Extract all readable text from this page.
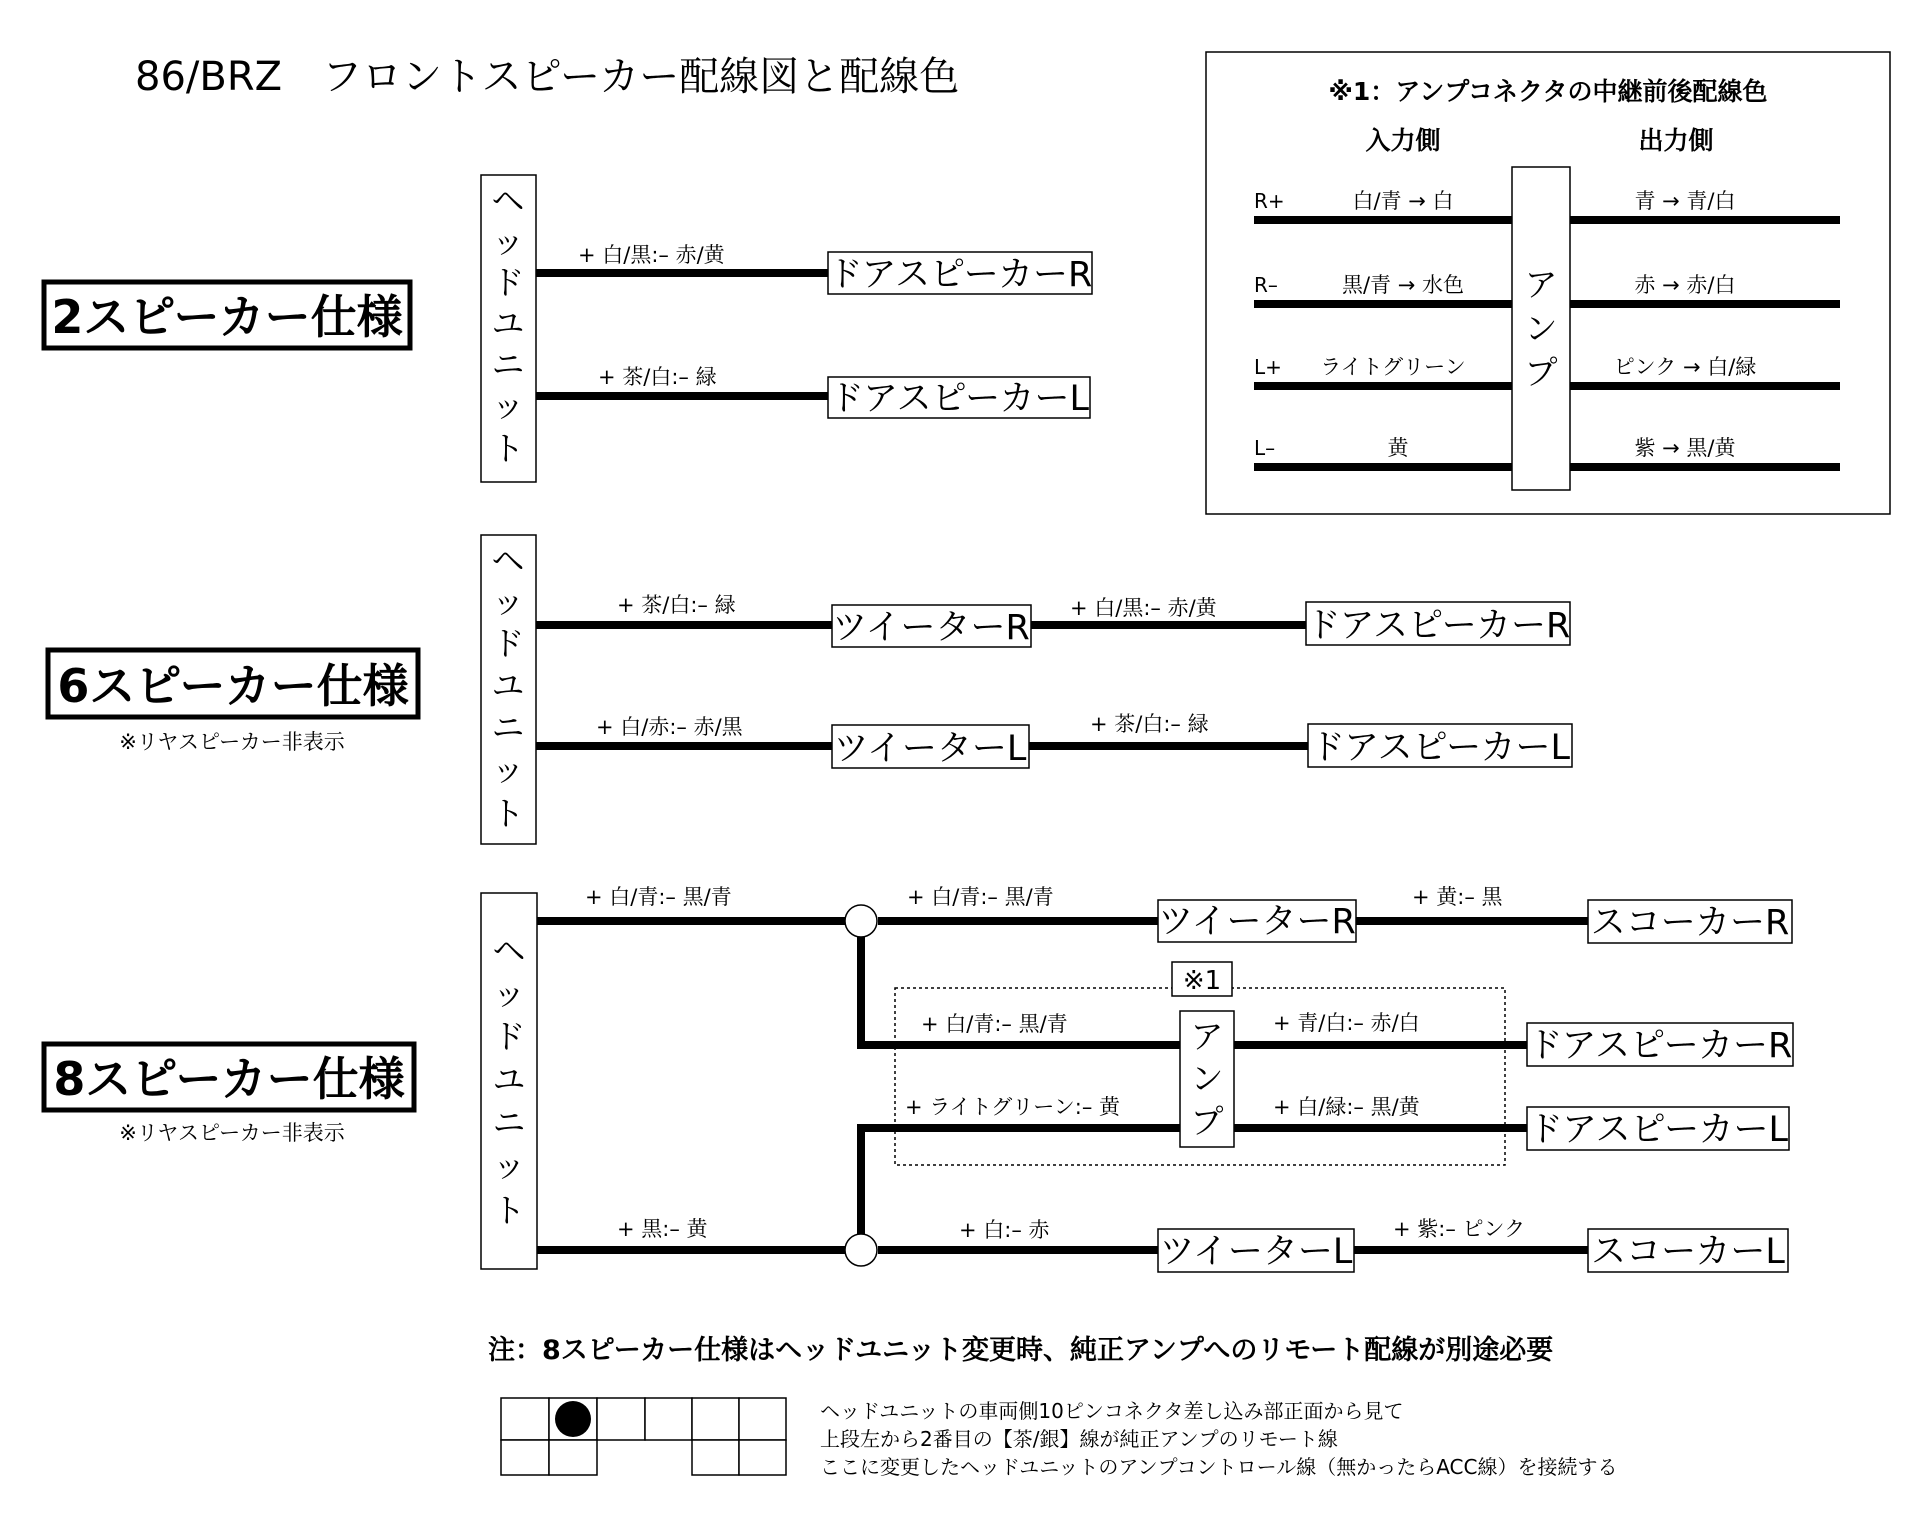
86/BRZ　フロントスピーカー配線図と配線色	※1：アンプコネクタの中継前後配線色
入力側	出力側
ア
ン
プ
R+	白/青 → 白	青 → 青/白
R–	黒/青 → 水色	赤 → 赤/白
L+ ライトグリーン	ピンク → 白/緑
L–	黄	紫 → 黒/黄
2スピーカー仕様
ヘ
ッ
ド
ユ
ニ
ッ
ト
+ 白/黒:– 赤/黄
+ 茶/白:– 緑
ドアスピーカーR
ドアスピーカーL
6スピーカー仕様
※リヤスピーカー非表示
ヘ
ッ
ド
ユ
ニ
ッ
ト
+ 茶/白:– 緑	+ 白/黒:– 赤/黄
+ 白/赤:– 赤/黒	+ 茶/白:– 緑
ツイーターR
ツイーターL
ドアスピーカーR
ドアスピーカーL
8スピーカー仕様
※リヤスピーカー非表示
ヘ
ッ
ド
ユ
ニ
ッ
ト
+ 白/青:– 黒/青
+ 黒:– 黄
+ 白/青:– 黒/青
+ 白:– 赤
+ 黄:– 黒
+ 紫:– ピンク
+ 白/青:– 黒/青
+ ライトグリーン:– 黄
+ 青/白:– 赤/白
+ 白/緑:– 黒/黄
※1
ア
ン
プ
ツイーターR
ツイーターL
スコーカーR
スコーカーL
ドアスピーカーR
ドアスピーカーL
注：8スピーカー仕様はヘッドユニット変更時、純正アンプへのリモート配線が別途必要
ヘッドユニットの車両側10ピンコネクタ差し込み部正面から見て
上段左から2番目の【茶/銀】線が純正アンプのリモート線
ここに変更したヘッドユニットのアンプコントロール線（無かったらACC線）を接続する
